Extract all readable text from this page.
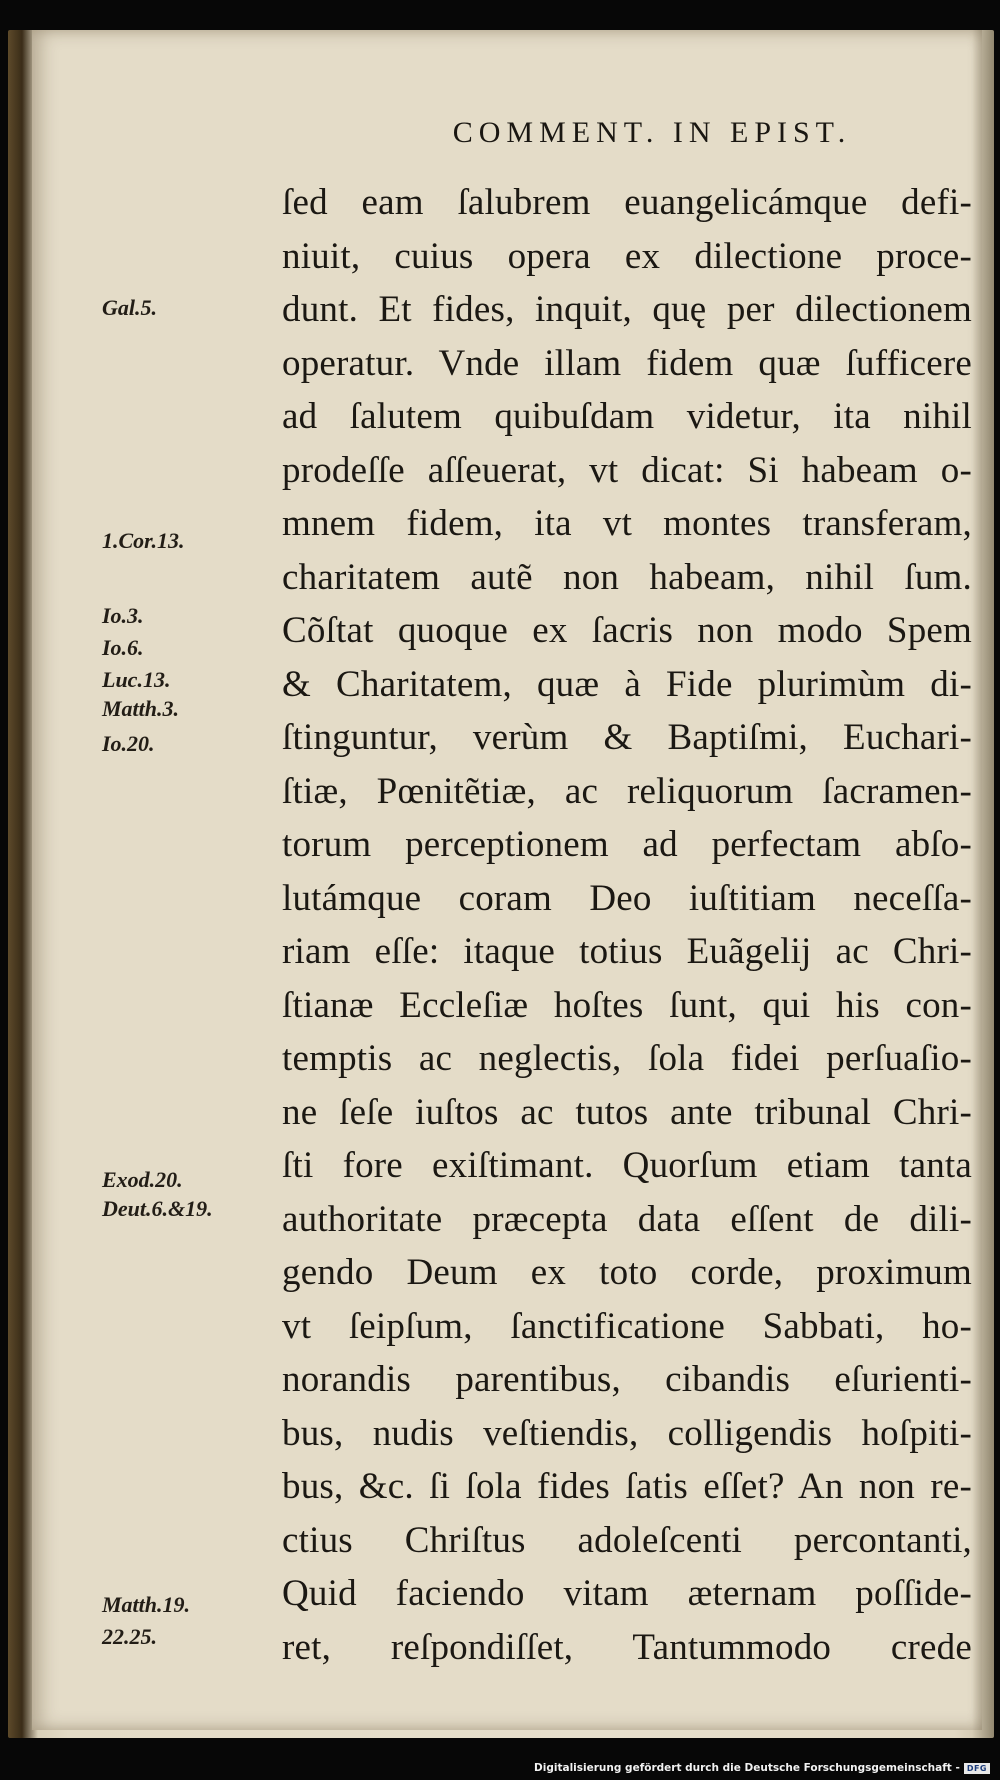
COMMENT. IN EPIST.
ſed eam ſalubrem euangelicámque defi-
niuit, cuius opera ex dilectione proce-
dunt. Et fides, inquit, quę per dilectionem
operatur. Vnde illam fidem quæ ſufficere
ad ſalutem quibuſdam videtur, ita nihil
prodeſſe aſſeuerat, vt dicat: Si habeam o-
mnem fidem, ita vt montes transferam,
charitatem autẽ non habeam, nihil ſum.
Cõſtat quoque ex ſacris non modo Spem
& Charitatem, quæ à Fide plurimùm di-
ſtinguntur, verùm & Baptiſmi, Euchari-
ſtiæ, Pœnitẽtiæ, ac reliquorum ſacramen-
torum perceptionem ad perfectam abſo-
lutámque coram Deo iuſtitiam neceſſa-
riam eſſe: itaque totius Euãgelij ac Chri-
ſtianæ Eccleſiæ hoſtes ſunt, qui his con-
temptis ac neglectis, ſola fidei perſuaſio-
ne ſeſe iuſtos ac tutos ante tribunal Chri-
ſti fore exiſtimant. Quorſum etiam tanta
authoritate præcepta data eſſent de dili-
gendo Deum ex toto corde, proximum
vt ſeipſum, ſanctificatione Sabbati, ho-
norandis parentibus, cibandis eſurienti-
bus, nudis veſtiendis, colligendis hoſpiti-
bus, &c. ſi ſola fides ſatis eſſet? An non re-
ctius Chriſtus adoleſcenti percontanti,
Quid faciendo vitam æternam poſſide-
ret, reſpondiſſet, Tantummodo crede
Gal.5.
1.Cor.13.
Io.3.
Io.6.
Luc.13.
Matth.3.
Io.20.
Exod.20.
Deut.6.&19.
Matth.19.
22.25.
Digitalisierung gefördert durch die Deutsche Forschungsgemeinschaft - DFG
